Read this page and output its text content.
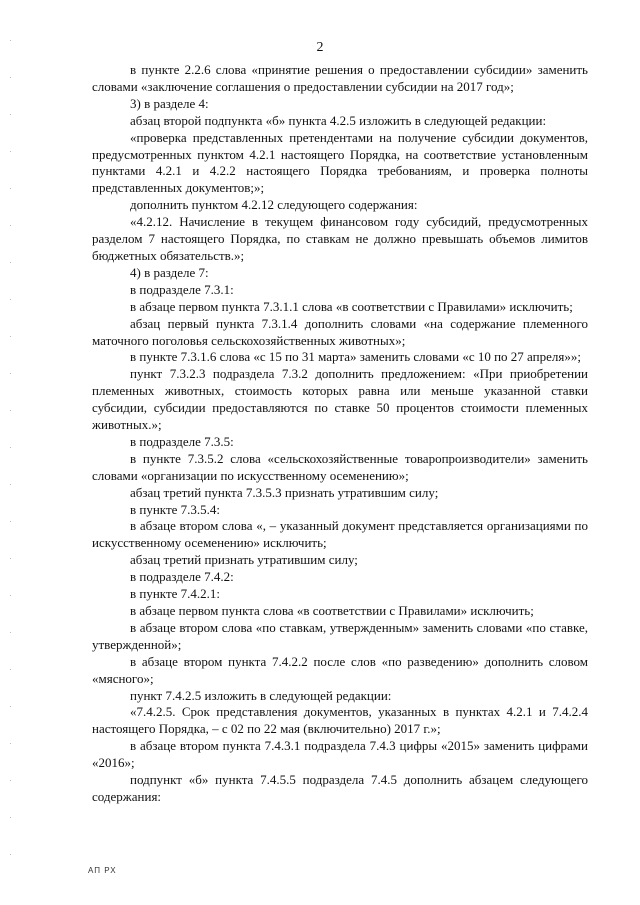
2

в пункте 2.2.6 слова «принятие решения о предоставлении субсидии» заменить словами «заключение соглашения о предоставлении субсидии на 2017 год»;

3) в разделе 4:

абзац второй подпункта «б» пункта 4.2.5 изложить в следующей редакции:

«проверка представленных претендентами на получение субсидии документов, предусмотренных пунктом 4.2.1 настоящего Порядка, на соответствие установленным пунктами 4.2.1 и 4.2.2 настоящего Порядка требованиям, и проверка полноты представленных документов;»;

дополнить пунктом 4.2.12 следующего содержания:

«4.2.12. Начисление в текущем финансовом году субсидий, предусмотренных разделом 7 настоящего Порядка, по ставкам не должно превышать объемов лимитов бюджетных обязательств.»;

4) в разделе 7:

в подразделе 7.3.1:

в абзаце первом пункта 7.3.1.1 слова «в соответствии с Правилами» исключить;

абзац первый пункта 7.3.1.4 дополнить словами «на содержание племенного маточного поголовья сельскохозяйственных животных»;

в пункте 7.3.1.6 слова «с 15 по 31 марта» заменить словами «с 10 по 27 апреля»»;

пункт 7.3.2.3 подраздела 7.3.2 дополнить предложением: «При приобретении племенных животных, стоимость которых равна или меньше указанной ставки субсидии, субсидии предоставляются по ставке 50 процентов стоимости племенных животных.»;

в подразделе 7.3.5:

в пункте 7.3.5.2 слова «сельскохозяйственные товаропроизводители» заменить словами «организации по искусственному осеменению»;

абзац третий пункта 7.3.5.3 признать утратившим силу;

в пункте 7.3.5.4:

в абзаце втором слова «, – указанный документ представляется организациями по искусственному осеменению» исключить;

абзац третий признать утратившим силу;

в подразделе 7.4.2:

в пункте 7.4.2.1:

в абзаце первом пункта слова «в соответствии с Правилами» исключить;

в абзаце втором слова «по ставкам, утвержденным» заменить словами «по ставке, утвержденной»;

в абзаце втором пункта 7.4.2.2 после слов «по разведению» дополнить словом «мясного»;

пункт 7.4.2.5 изложить в следующей редакции:

«7.4.2.5. Срок представления документов, указанных в пунктах 4.2.1 и 7.4.2.4 настоящего Порядка, – с 02 по 22 мая (включительно) 2017 г.»;

в абзаце втором пункта 7.4.3.1 подраздела 7.4.3 цифры «2015» заменить цифрами «2016»;

подпункт «б» пункта 7.4.5.5 подраздела 7.4.5 дополнить абзацем следующего содержания:

АП РХ
